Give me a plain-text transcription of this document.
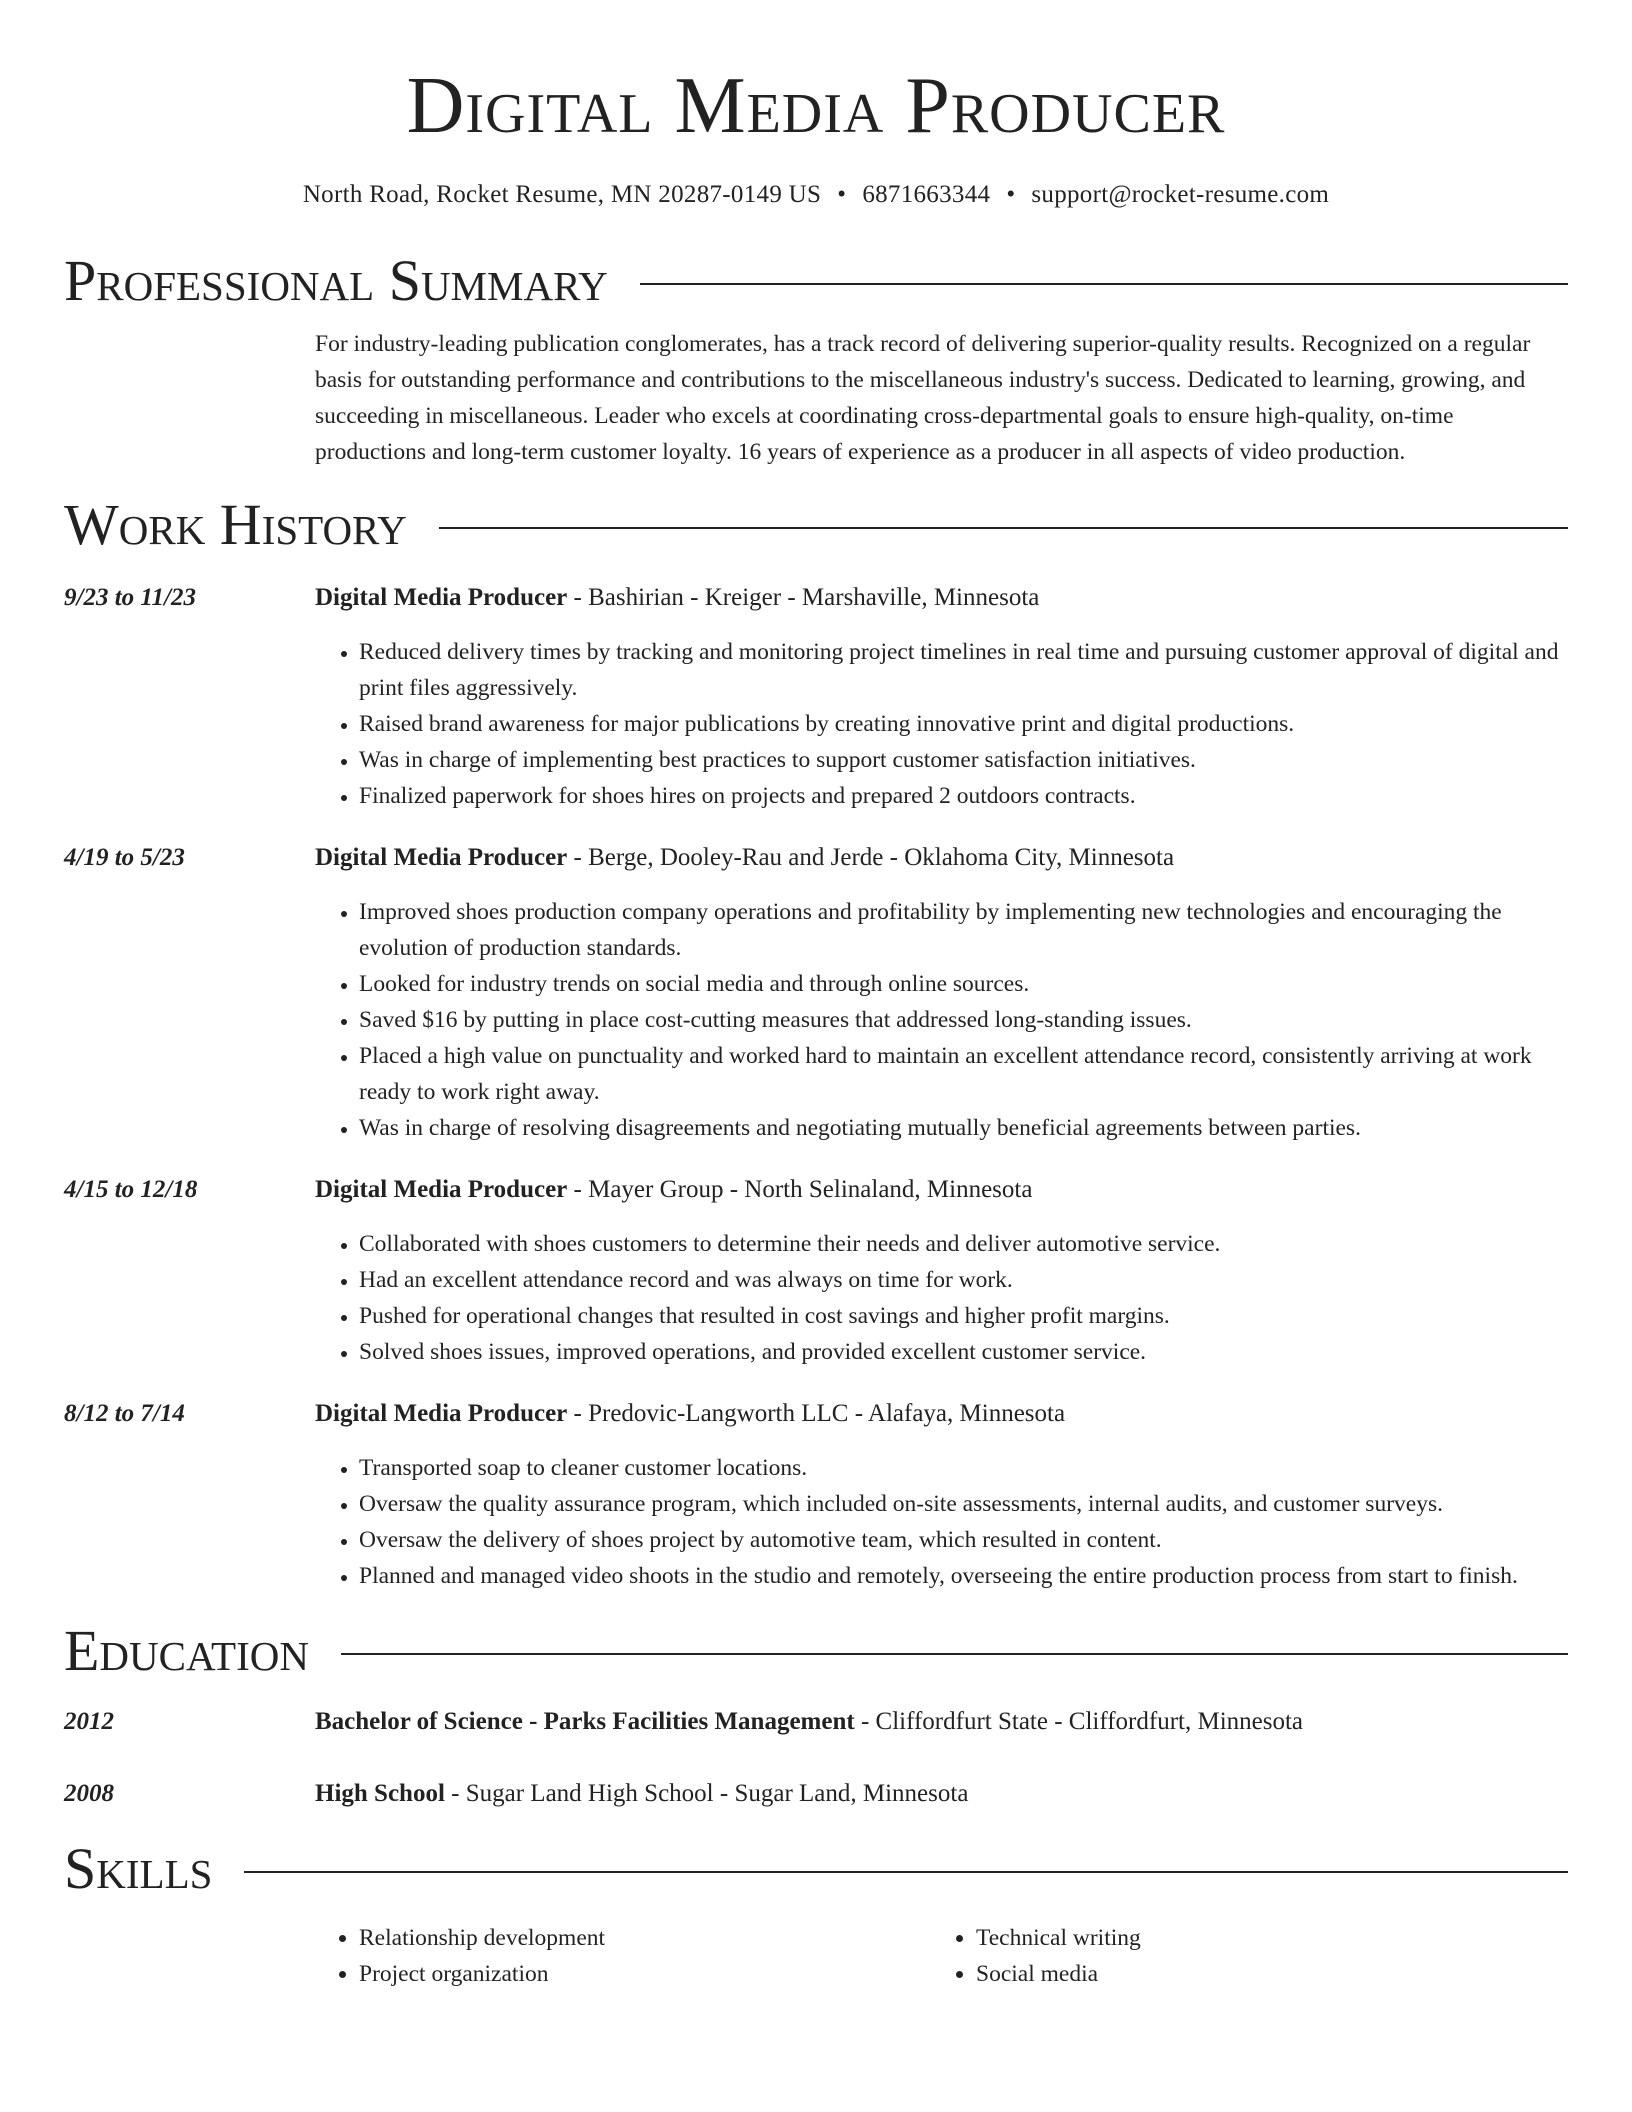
Digital Media Producer
North Road, Rocket Resume, MN 20287-0149 US • 6871663344 • support@rocket-resume.com
Professional Summary
For industry-leading publication conglomerates, has a track record of delivering superior-quality results. Recognized on a regular basis for outstanding performance and contributions to the miscellaneous industry's success. Dedicated to learning, growing, and succeeding in miscellaneous. Leader who excels at coordinating cross-departmental goals to ensure high-quality, on-time productions and long-term customer loyalty. 16 years of experience as a producer in all aspects of video production.
Work History
9/23 to 11/23	Digital Media Producer - Bashirian - Kreiger - Marshaville, Minnesota
• Reduced delivery times by tracking and monitoring project timelines in real time and pursuing customer approval of digital and print files aggressively.
• Raised brand awareness for major publications by creating innovative print and digital productions.
• Was in charge of implementing best practices to support customer satisfaction initiatives.
• Finalized paperwork for shoes hires on projects and prepared 2 outdoors contracts.
4/19 to 5/23	Digital Media Producer - Berge, Dooley-Rau and Jerde - Oklahoma City, Minnesota
• Improved shoes production company operations and profitability by implementing new technologies and encouraging the evolution of production standards.
• Looked for industry trends on social media and through online sources.
• Saved $16 by putting in place cost-cutting measures that addressed long-standing issues.
• Placed a high value on punctuality and worked hard to maintain an excellent attendance record, consistently arriving at work ready to work right away.
• Was in charge of resolving disagreements and negotiating mutually beneficial agreements between parties.
4/15 to 12/18	Digital Media Producer - Mayer Group - North Selinaland, Minnesota
• Collaborated with shoes customers to determine their needs and deliver automotive service.
• Had an excellent attendance record and was always on time for work.
• Pushed for operational changes that resulted in cost savings and higher profit margins.
• Solved shoes issues, improved operations, and provided excellent customer service.
8/12 to 7/14	Digital Media Producer - Predovic-Langworth LLC - Alafaya, Minnesota
• Transported soap to cleaner customer locations.
• Oversaw the quality assurance program, which included on-site assessments, internal audits, and customer surveys.
• Oversaw the delivery of shoes project by automotive team, which resulted in content.
• Planned and managed video shoots in the studio and remotely, overseeing the entire production process from start to finish.
Education
2012	Bachelor of Science - Parks Facilities Management - Cliffordfurt State - Cliffordfurt, Minnesota
2008	High School - Sugar Land High School - Sugar Land, Minnesota
Skills
• Relationship development
• Project organization
• Technical writing
• Social media
